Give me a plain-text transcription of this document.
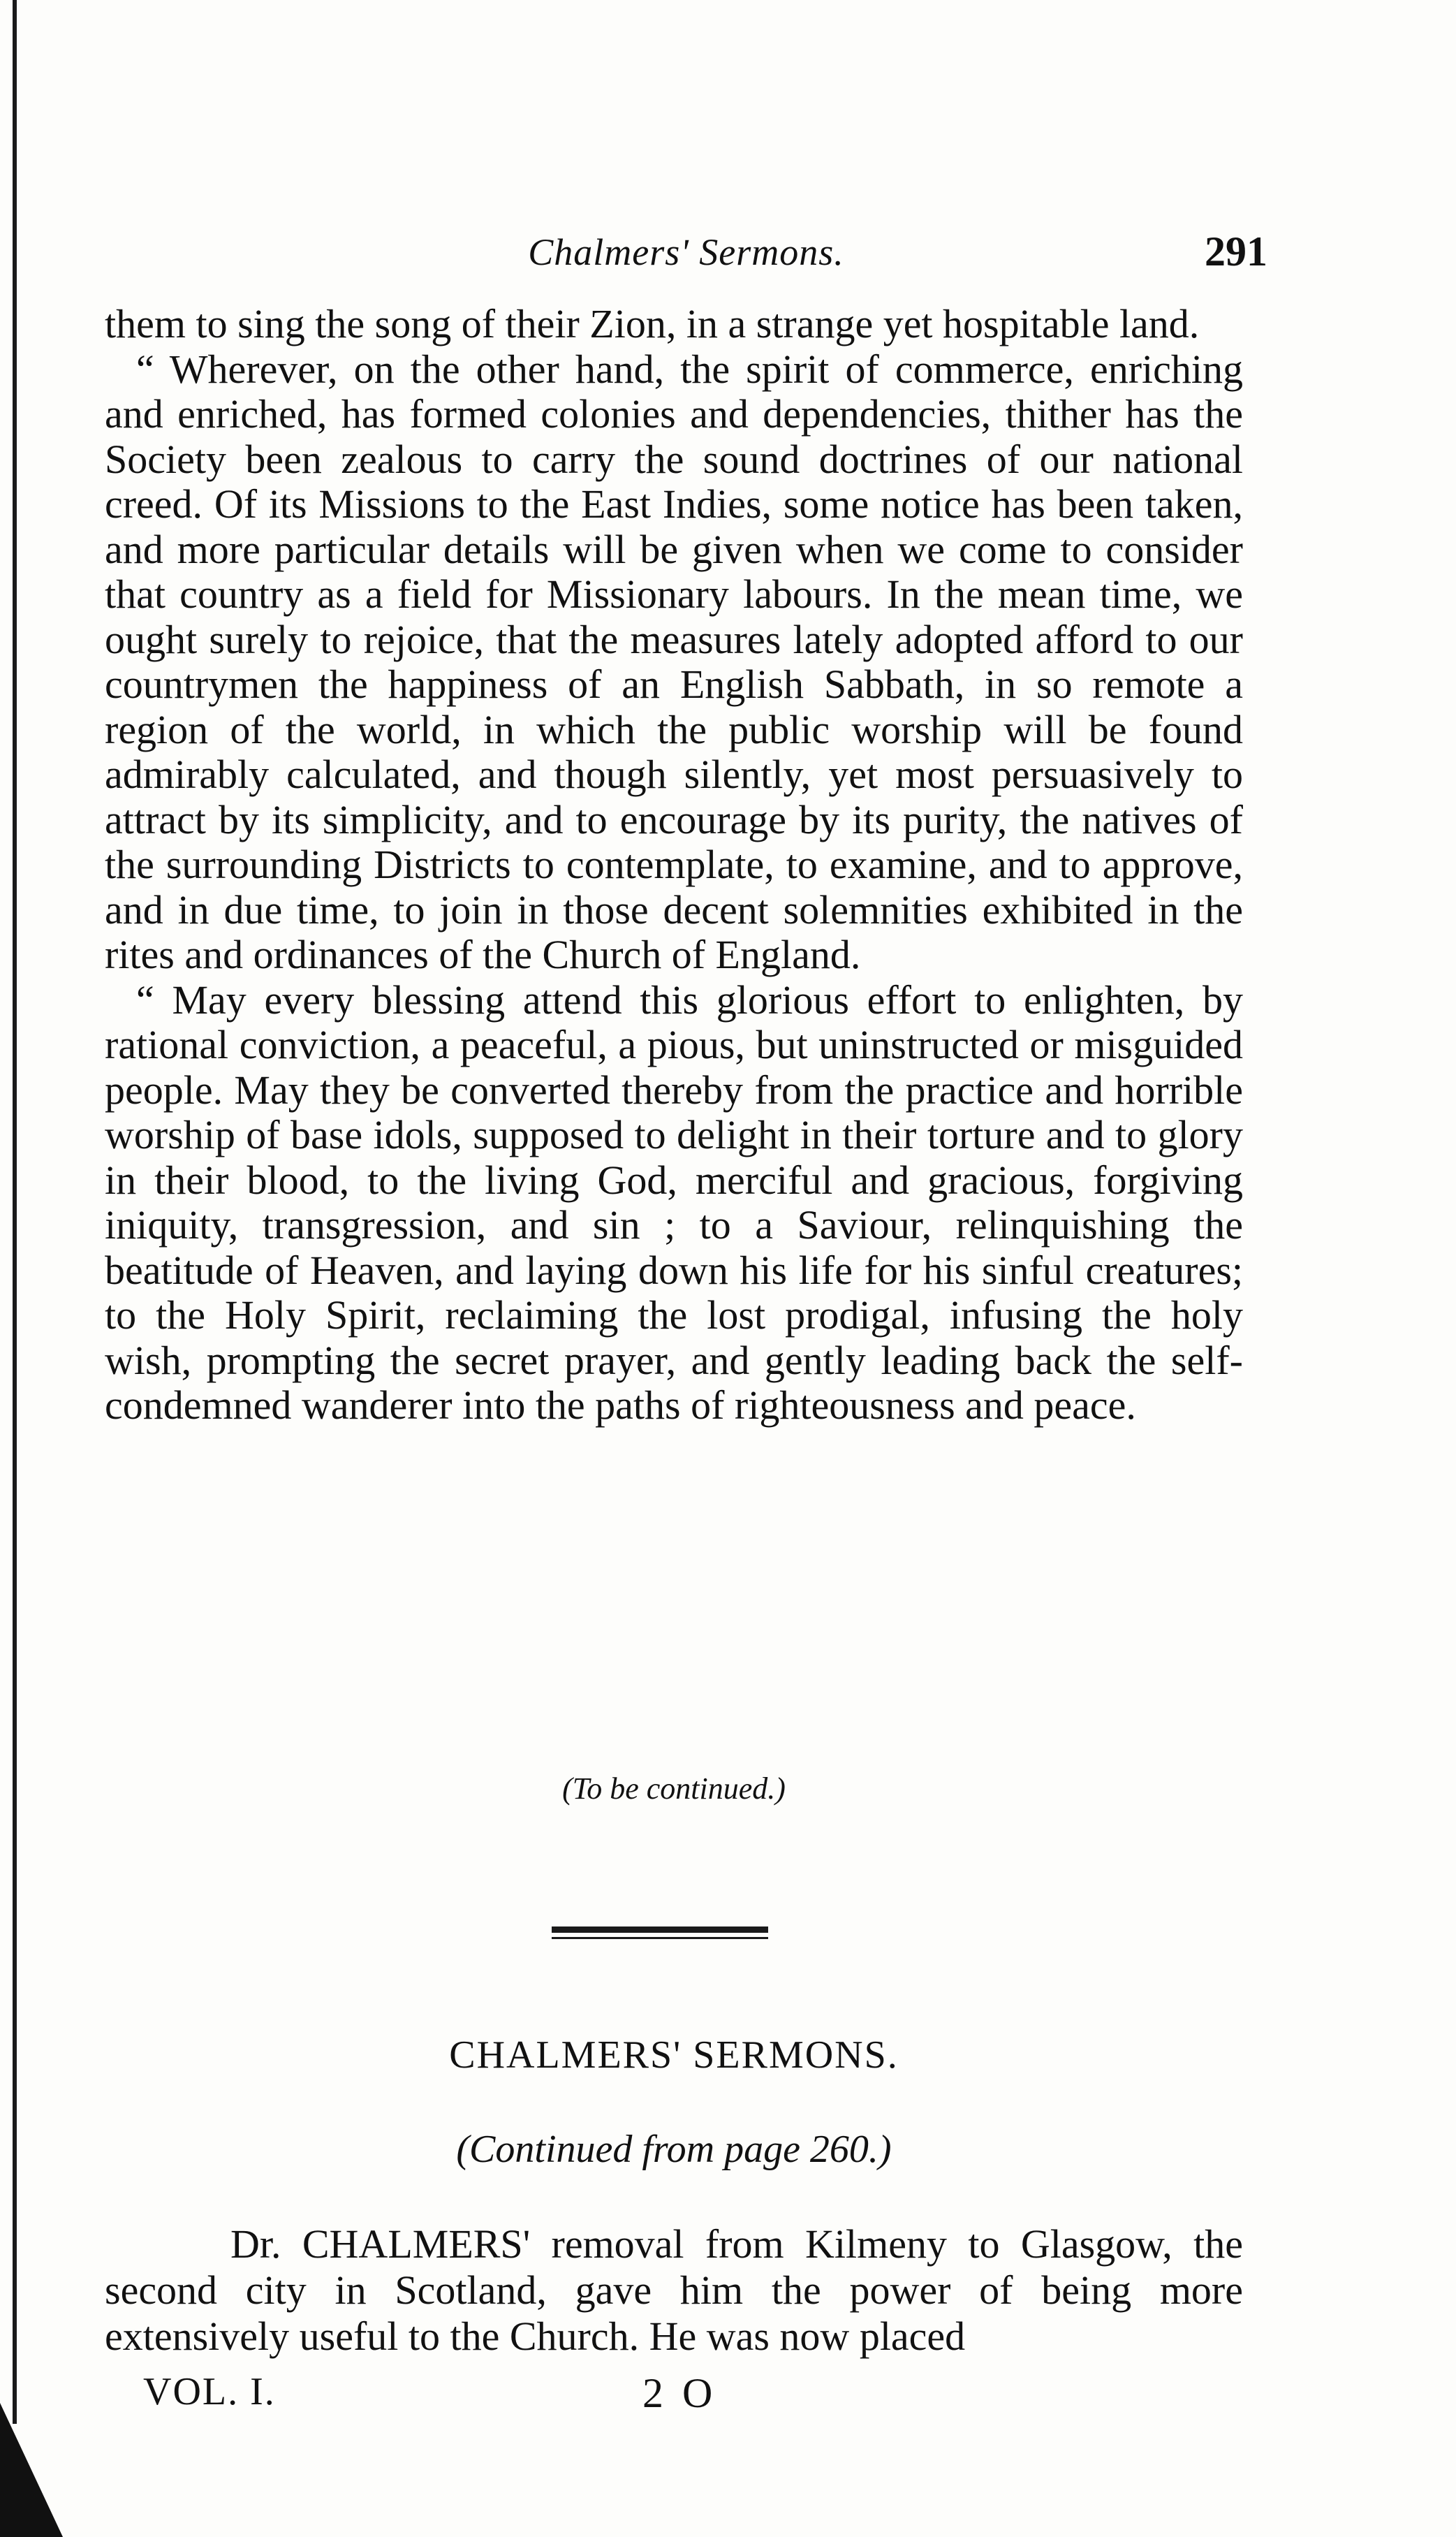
Chalmers' Sermons.	291

them to sing the song of their Zion, in a strange yet hospitable land.

“ Wherever, on the other hand, the spirit of commerce, enriching and enriched, has formed colonies and dependencies, thither has the Society been zealous to carry the sound doctrines of our national creed. Of its Missions to the East Indies, some notice has been taken, and more particular details will be given when we come to consider that country as a field for Missionary labours. In the mean time, we ought surely to rejoice, that the measures lately adopted afford to our countrymen the happiness of an English Sabbath, in so remote a region of the world, in which the public worship will be found admirably calculated, and though silently, yet most persuasively to attract by its simplicity, and to encourage by its purity, the natives of the surrounding Districts to contemplate, to examine, and to approve, and in due time, to join in those decent solemnities exhibited in the rites and ordinances of the Church of England.

“ May every blessing attend this glorious effort to enlighten, by rational conviction, a peaceful, a pious, but uninstructed or misguided people. May they be converted thereby from the practice and horrible worship of base idols, supposed to delight in their torture and to glory in their blood, to the living God, merciful and gracious, forgiving iniquity, transgression, and sin ; to a Saviour, relinquishing the beatitude of Heaven, and laying down his life for his sinful creatures; to the Holy Spirit, reclaiming the lost prodigal, infusing the holy wish, prompting the secret prayer, and gently leading back the self-condemned wanderer into the paths of righteousness and peace.

(To be continued.)
CHALMERS' SERMONS.
(Continued from page 260.)
Dr. CHALMERS' removal from Kilmeny to Glasgow, the second city in Scotland, gave him the power of being more extensively useful to the Church. He was now placed
VOL. I.	2 O
